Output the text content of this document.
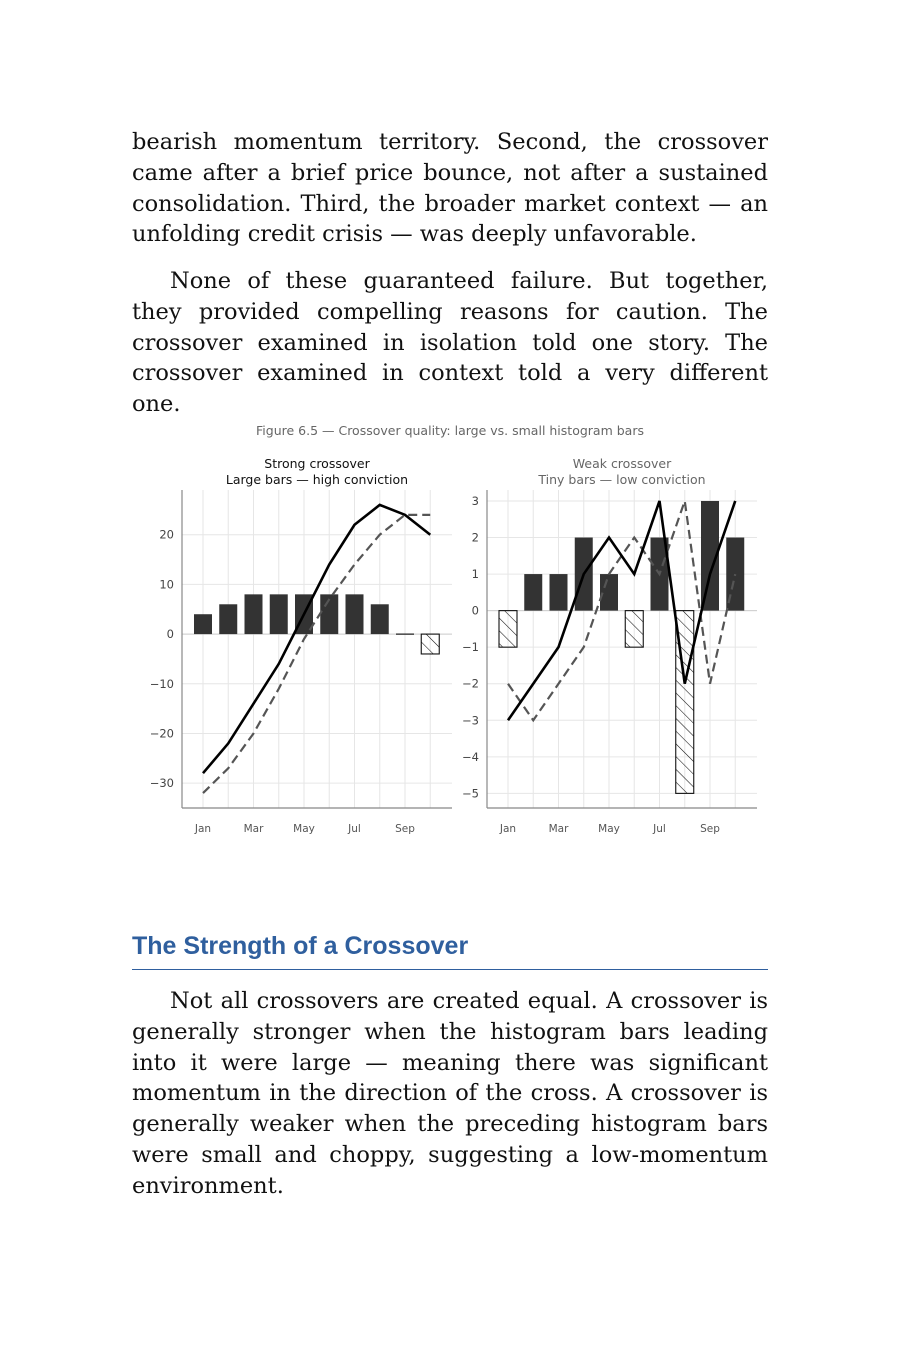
bearish momentum territory. Second, the crossover came after a brief price bounce, not after a sustained consolidation. Third, the broader market context — an unfolding credit crisis — was deeply unfavorable.

None of these guaranteed failure. But together, they provided compelling reasons for caution. The crossover examined in isolation told one story. The crossover examined in context told a very different one.

Figure 6.5 — Crossover quality: large vs. small histogram bars
Strong crossover
Large bars — high conviction
Jan	Mar	May	Jul	Sep
20
10
0
−10
−20
−30
Weak crossover
Tiny bars — low conviction
Jan	Mar	May	Jul	Sep
3
2
1
0
−1
−2
−3
−4
−5
The Strength of a Crossover

Not all crossovers are created equal. A crossover is generally stronger when the histogram bars leading into it were large — meaning there was significant momentum in the direction of the cross. A crossover is generally weaker when the preceding histogram bars were small and choppy, suggesting a low-momentum environment.
